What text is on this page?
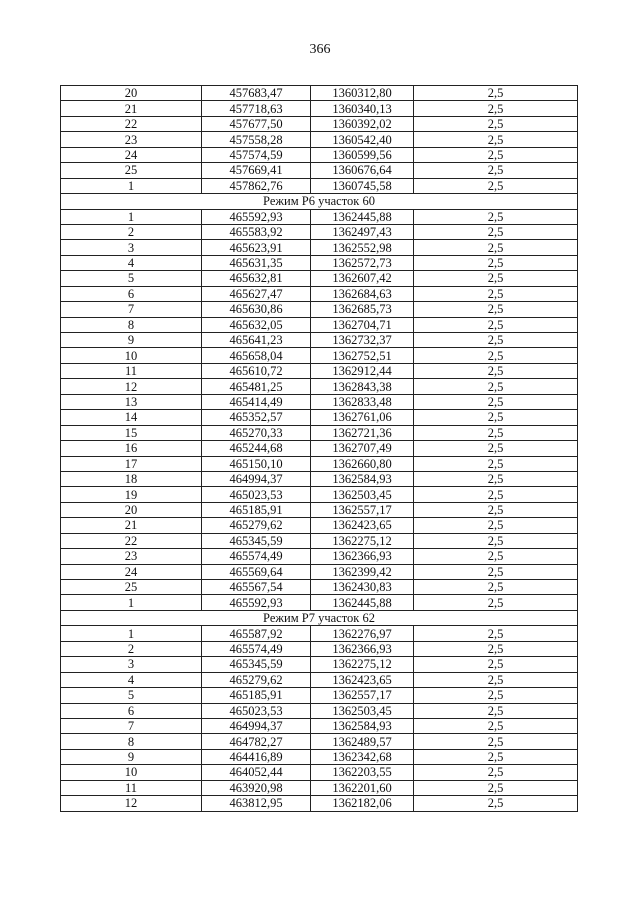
366
20	457683,47	1360312,80	2,5
21	457718,63	1360340,13	2,5
22	457677,50	1360392,02	2,5
23	457558,28	1360542,40	2,5
24	457574,59	1360599,56	2,5
25	457669,41	1360676,64	2,5
1	457862,76	1360745,58	2,5
Режим Р6 участок 60			
1	465592,93	1362445,88	2,5
2	465583,92	1362497,43	2,5
3	465623,91	1362552,98	2,5
4	465631,35	1362572,73	2,5
5	465632,81	1362607,42	2,5
6	465627,47	1362684,63	2,5
7	465630,86	1362685,73	2,5
8	465632,05	1362704,71	2,5
9	465641,23	1362732,37	2,5
10	465658,04	1362752,51	2,5
11	465610,72	1362912,44	2,5
12	465481,25	1362843,38	2,5
13	465414,49	1362833,48	2,5
14	465352,57	1362761,06	2,5
15	465270,33	1362721,36	2,5
16	465244,68	1362707,49	2,5
17	465150,10	1362660,80	2,5
18	464994,37	1362584,93	2,5
19	465023,53	1362503,45	2,5
20	465185,91	1362557,17	2,5
21	465279,62	1362423,65	2,5
22	465345,59	1362275,12	2,5
23	465574,49	1362366,93	2,5
24	465569,64	1362399,42	2,5
25	465567,54	1362430,83	2,5
1	465592,93	1362445,88	2,5
Режим Р7 участок 62			
1	465587,92	1362276,97	2,5
2	465574,49	1362366,93	2,5
3	465345,59	1362275,12	2,5
4	465279,62	1362423,65	2,5
5	465185,91	1362557,17	2,5
6	465023,53	1362503,45	2,5
7	464994,37	1362584,93	2,5
8	464782,27	1362489,57	2,5
9	464416,89	1362342,68	2,5
10	464052,44	1362203,55	2,5
11	463920,98	1362201,60	2,5
12	463812,95	1362182,06	2,5
